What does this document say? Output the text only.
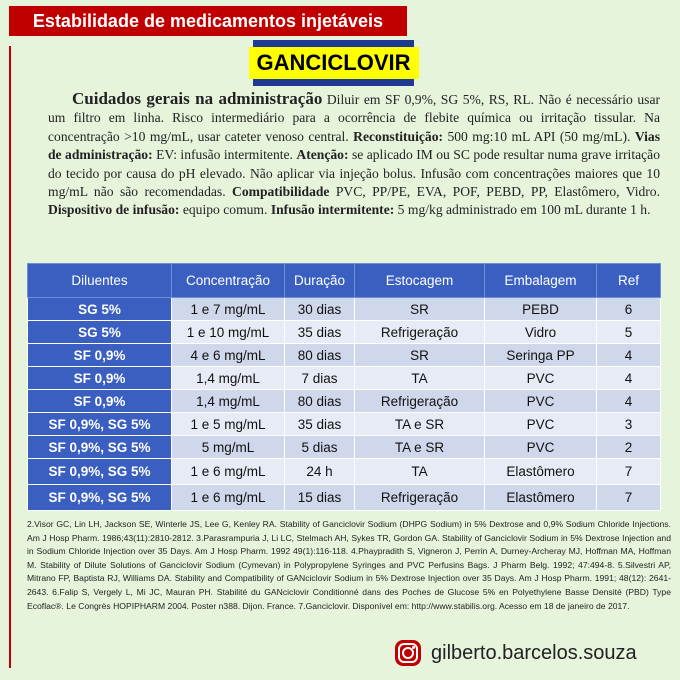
Estabilidade de medicamentos injetáveis
GANCICLOVIR
Cuidados gerais na administração Diluir em SF 0,9%, SG 5%, RS, RL. Não é necessário usar um filtro em linha. Risco intermediário para a ocorrência de flebite química ou irritação tissular. Na concentração >10 mg/mL, usar cateter venoso central. Reconstituição: 500 mg:10 mL API (50 mg/mL). Vias de administração: EV: infusão intermitente. Atenção: se aplicado IM ou SC pode resultar numa grave irritação do tecido por causa do pH elevado. Não aplicar via injeção bolus. Infusão com concentrações maiores que 10 mg/mL não são recomendadas. Compatibilidade PVC, PP/PE, EVA, POF, PEBD, PP, Elastômero, Vidro. Dispositivo de infusão: equipo comum. Infusão intermitente: 5 mg/kg administrado em 100 mL durante 1 h.
Diluentes	Concentração	Duração	Estocagem	Embalagem	Ref
SG 5%	1 e 7 mg/mL	30 dias	SR	PEBD	6
SG 5%	1 e 10 mg/mL	35 dias	Refrigeração	Vidro	5
SF 0,9%	4 e 6 mg/mL	80 dias	SR	Seringa PP	4
SF 0,9%	1,4 mg/mL	7 dias	TA	PVC	4
SF 0,9%	1,4 mg/mL	80 dias	Refrigeração	PVC	4
SF 0,9%, SG 5%	1 e 5 mg/mL	35 dias	TA e SR	PVC	3
SF 0,9%, SG 5%	5 mg/mL	5 dias	TA e SR	PVC	2
SF 0,9%, SG 5%	1 e 6 mg/mL	24 h	TA	Elastômero	7
SF 0,9%, SG 5%	1 e 6 mg/mL	15 dias	Refrigeração	Elastômero	7
2.Visor GC, Lin LH, Jackson SE, Winterle JS, Lee G, Kenley RA. Stability of Ganciclovir Sodium (DHPG Sodium) in 5% Dextrose and 0,9% Sodium Chloride Injections. Am J Hosp Pharm. 1986;43(11):2810-2812. 3.Parasrampuria J, Li LC, Stelmach AH, Sykes TR, Gordon GA. Stability of Ganciclovir Sodium in 5% Dextrose Injection and in Sodium Chloride Injection over 35 Days. Am J Hosp Pharm. 1992 49(1):116-118. 4.Phaypradith S, Vigneron J, Perrin A, Durney-Archeray MJ, Hoffman MA, Hoffman M. Stability of Dilute Solutions of Ganciclovir Sodium (Cymevan) in Polypropylene Syringes and PVC Perfusins Bags. J Pharm Belg. 1992; 47:494-8. 5.Silvestri AP, Mitrano FP, Baptista RJ, Williams DA. Stability and Compatibility of GANciclovir Sodium in 5% Dextrose Injection over 35 Days. Am J Hosp Pharm. 1991; 48(12): 2641-2643. 6.Falip S, Vergely L, Mi JC, Mauran PH. Stabilité du GANciclovir Conditionné dans des Poches de Glucose 5% en Polyethylene Basse Densité (PBD) Type Ecoflac®. Le Congrès HOPIPHARM 2004. Poster n388. Dijon. France. 7.Ganciclovir. Disponível em: http://www.stabilis.org. Acesso em 18 de janeiro de 2017.
gilberto.barcelos.souza
